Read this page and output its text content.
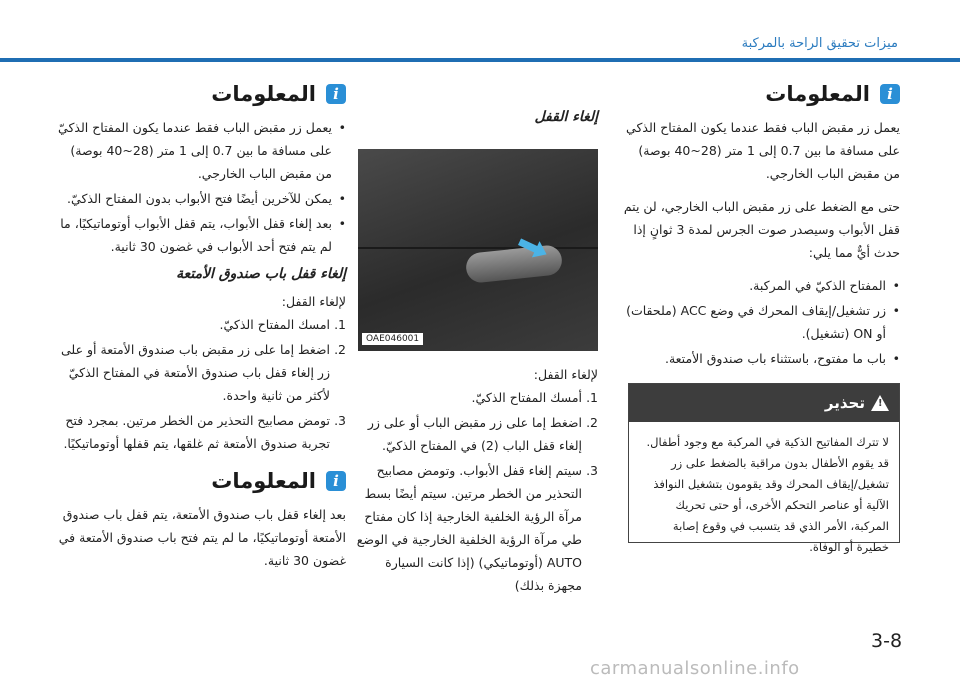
ميزات تحقيق الراحة بالمركبة
i
المعلومات

يعمل زر مقبض الباب فقط عندما يكون المفتاح الذكي على مسافة ما بين 0.7 إلى 1 متر (28~40 بوصة) من مقبض الباب الخارجي.

حتى مع الضغط على زر مقبض الباب الخارجي، لن يتم قفل الأبواب وسيصدر صوت الجرس لمدة 3 ثوانٍ إذا حدث أيٌّ مما يلي:

• المفتاح الذكيّ في المركبة.
• زر تشغيل/إيقاف المحرك في وضع ACC (ملحقات) أو ON (تشغيل).
• باب ما مفتوح، باستثناء باب صندوق الأمتعة.
!
تحذير
لا تترك المفاتيح الذكية في المركبة مع وجود أطفال. قد يقوم الأطفال بدون مراقبة بالضغط على زر تشغيل/إيقاف المحرك وقد يقومون بتشغيل النوافذ الآلية أو عناصر التحكم الأخرى، أو حتى تحريك المركبة، الأمر الذي قد يتسبب في وقوع إصابة خطيرة أو الوفاة.
إلغاء القفل
OAE046001

لإلغاء القفل:

1.
أمسك المفتاح الذكيّ.
2.
اضغط إما على زر مقبض الباب أو على زر إلغاء قفل الباب (2) في المفتاح الذكيّ.
3.
سيتم إلغاء قفل الأبواب. وتومض مصابيح التحذير من الخطر مرتين. سيتم أيضًا بسط مرآة الرؤية الخلفية الخارجية إذا كان مفتاح طي مرآة الرؤية الخلفية الخارجية في الوضع AUTO (أوتوماتيكي) (إذا كانت السيارة مجهزة بذلك)
i
المعلومات
• يعمل زر مقبض الباب فقط عندما يكون المفتاح الذكيّ على مسافة ما بين 0.7 إلى 1 متر (28~40 بوصة) من مقبض الباب الخارجي.
• يمكن للآخرين أيضًا فتح الأبواب بدون المفتاح الذكيّ.
• بعد إلغاء قفل الأبواب، يتم قفل الأبواب أوتوماتيكيًا، ما لم يتم فتح أحد الأبواب في غضون 30 ثانية.
إلغاء قفل باب صندوق الأمتعة

لإلغاء القفل:

1.
امسك المفتاح الذكيّ.
2.
اضغط إما على زر مقبض باب صندوق الأمتعة أو على زر إلغاء قفل باب صندوق الأمتعة في المفتاح الذكيّ لأكثر من ثانية واحدة.
3.
تومض مصابيح التحذير من الخطر مرتين. بمجرد فتح تجربة صندوق الأمتعة ثم غلقها، يتم قفلها أوتوماتيكيًا.
i
المعلومات

بعد إلغاء قفل باب صندوق الأمتعة، يتم قفل باب صندوق الأمتعة أوتوماتيكيًا، ما لم يتم فتح باب صندوق الأمتعة في غضون 30 ثانية.

3-8
carmanualsonline.info
